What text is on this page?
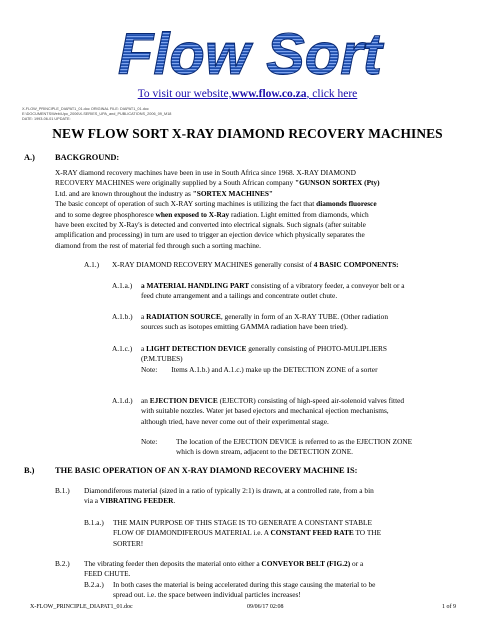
Flow Sort
To visit our website,www.flow.co.za, click here
X-FLOW_PRINCIPLE_DIAPAT1_01.doc ORIGINAL FILE: DIAPAT1_01.doc
E:\DOCUMENTS\Web\Upo_2006\X-SERIES_UPA_and_PUBLICATIONS_2006_09_M18
DATE: 1993-06-01 UPDATE:
NEW FLOW SORT X-RAY DIAMOND RECOVERY MACHINES
A.) BACKGROUND:
X-RAY diamond recovery machines have been in use in South Africa since 1968. X-RAY DIAMOND
RECOVERY MACHINES were originally supplied by a South African company "GUNSON SORTEX (Pty)
Ltd. and are known throughout the industry as "SORTEX MACHINES"
The basic concept of operation of such X-RAY sorting machines is utilizing the fact that diamonds fluoresce
and to some degree phosphoresce when exposed to X-Ray radiation. Light emitted from diamonds, which
have been excited by X-Ray's is detected and converted into electrical signals. Such signals (after suitable
amplification and processing) in turn are used to trigger an ejection device which physically separates the
diamond from the rest of material fed through such a sorting machine.
A.1.) X-RAY DIAMOND RECOVERY MACHINES generally consist of 4 BASIC COMPONENTS:
A.1.a.) a MATERIAL HANDLING PART consisting of a vibratory feeder, a conveyor belt or a
feed chute arrangement and a tailings and concentrate outlet chute.
A.1.b.) a RADIATION SOURCE, generally in form of an X-RAY TUBE. (Other radiation
sources such as isotopes emitting GAMMA radiation have been tried).
A.1.c.) a LIGHT DETECTION DEVICE generally consisting of PHOTO-MULIPLIERS
(P.M.TUBES)
Note: Items A.1.b.) and A.1.c.) make up the DETECTION ZONE of a sorter
A.1.d.) an EJECTION DEVICE (EJECTOR) consisting of high-speed air-solenoid valves fitted
with suitable nozzles. Water jet based ejectors and mechanical ejection mechanisms,
although tried, have never come out of their experimental stage.
Note:	The location of the EJECTION DEVICE is referred to as the EJECTION ZONE
which is down stream, adjacent to the DETECTION ZONE.
B.) THE BASIC OPERATION OF AN X-RAY DIAMOND RECOVERY MACHINE IS:
B.1.) Diamondiferous material (sized in a ratio of typically 2:1) is drawn, at a controlled rate, from a bin
via a VIBRATING FEEDER.
B.1.a.) THE MAIN PURPOSE OF THIS STAGE IS TO GENERATE A CONSTANT STABLE
FLOW OF DIAMONDIFEROUS MATERIAL i.e. A CONSTANT FEED RATE TO THE
SORTER!
B.2.) The vibrating feeder then deposits the material onto either a CONVEYOR BELT (FIG.2) or a
FEED CHUTE.
B.2.a.) In both cases the material is being accelerated during this stage causing the material to be
spread out. i.e. the space between individual particles increases!
X-FLOW_PRINCIPLE_DIAPAT1_01.doc	09/06/17 02:08	1 of 9
